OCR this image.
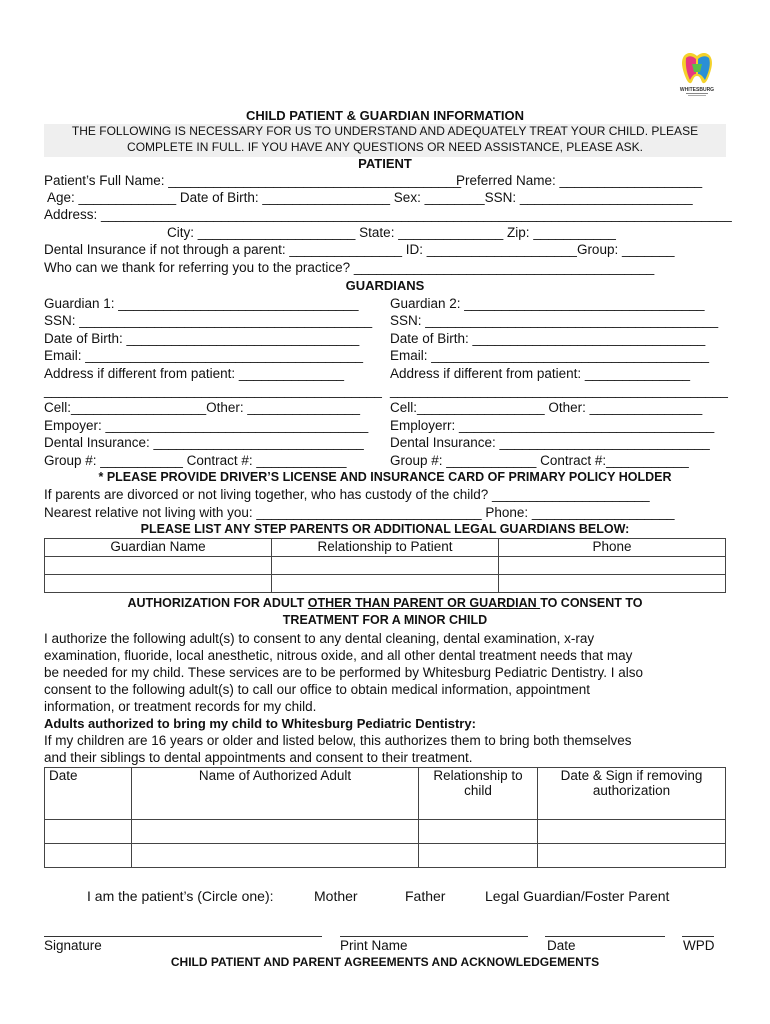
WHITESBURG
CHILD PATIENT & GUARDIAN INFORMATION
THE FOLLOWING IS NECESSARY FOR US TO UNDERSTAND AND ADEQUATELY TREAT YOUR CHILD. PLEASE
COMPLETE IN FULL. IF YOU HAVE ANY QUESTIONS OR NEED ASSISTANCE, PLEASE ASK.
PATIENT
Patient’s Full Name: _______________________________________
Preferred Name: ___________________
Age: _____________ Date of Birth: _________________ Sex: ________SSN: _______________________
Address: ____________________________________________________________________________________
City: _____________________ State: ______________ Zip: ___________
Dental Insurance if not through a parent: _______________ ID: ____________________Group: _______
Who can we thank for referring you to the practice? ________________________________________
GUARDIANS
Guardian 1: ________________________________
SSN: _______________________________________
Date of Birth: _______________________________
Email: _____________________________________
Address if different from patient: ______________
_____________________________________________
Cell:__________________Other: _______________
Empoyer: ___________________________________
Dental Insurance: ____________________________
Group #: ___________ Contract #: ____________
Guardian 2: ________________________________
SSN: _______________________________________
Date of Birth: _______________________________
Email: _____________________________________
Address if different from patient: ______________
_____________________________________________
Cell:_________________ Other: _______________
Employerr: __________________________________
Dental Insurance: ____________________________
Group #: ____________ Contract #:___________
* PLEASE PROVIDE DRIVER’S LICENSE AND INSURANCE CARD OF PRIMARY POLICY HOLDER
If parents are divorced or not living together, who has custody of the child? _____________________
Nearest relative not living with you: ______________________________ Phone: ___________________
PLEASE LIST ANY STEP PARENTS OR ADDITIONAL LEGAL GUARDIANS BELOW:
Guardian Name	Relationship to Patient	Phone

AUTHORIZATION FOR ADULT OTHER THAN PARENT OR GUARDIAN TO CONSENT TO
TREATMENT FOR A MINOR CHILD
I authorize the following adult(s) to consent to any dental cleaning, dental examination, x-ray
examination, fluoride, local anesthetic, nitrous oxide, and all other dental treatment needs that may
be needed for my child. These services are to be performed by Whitesburg Pediatric Dentistry. I also
consent to the following adult(s) to call our office to obtain medical information, appointment
information, or treatment records for my child.
Adults authorized to bring my child to Whitesburg Pediatric Dentistry:
If my children are 16 years or older and listed below, this authorizes them to bring both themselves
and their siblings to dental appointments and consent to their treatment.
Date	Name of Authorized Adult	Relationship to child	Date & Sign if removing authorization

I am the patient’s (Circle one):	Mother	Father	Legal Guardian/Foster Parent
Signature	Print Name	Date	WPD
CHILD PATIENT AND PARENT AGREEMENTS AND ACKNOWLEDGEMENTS
